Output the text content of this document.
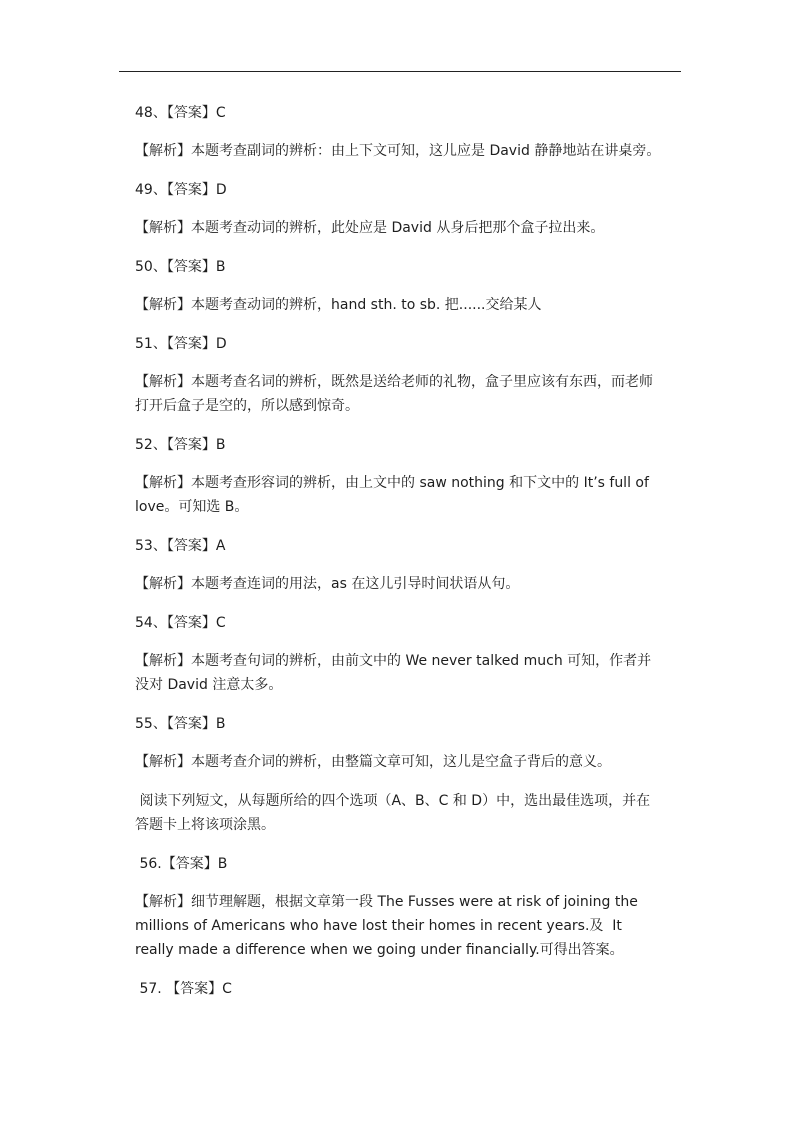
48、【答案】C

【解析】本题考查副词的辨析：由上下文可知，这儿应是 David 静静地站在讲桌旁。

49、【答案】D

【解析】本题考查动词的辨析，此处应是 David 从身后把那个盒子拉出来。

50、【答案】B

【解析】本题考查动词的辨析，hand sth. to sb. 把......交给某人

51、【答案】D

【解析】本题考查名词的辨析，既然是送给老师的礼物，盒子里应该有东西，而老师
打开后盒子是空的，所以感到惊奇。

52、【答案】B

【解析】本题考查形容词的辨析，由上文中的 saw nothing 和下文中的 It’s full of
love。可知选 B。

53、【答案】A

【解析】本题考查连词的用法，as 在这儿引导时间状语从句。

54、【答案】C

【解析】本题考查句词的辨析，由前文中的 We never talked much 可知，作者并
没对 David 注意太多。

55、【答案】B

【解析】本题考查介词的辨析，由整篇文章可知，这儿是空盒子背后的意义。

阅读下列短文，从每题所给的四个选项（A、B、C 和 D）中，选出最佳选项，并在
答题卡上将该项涂黑。

56.【答案】B

【解析】细节理解题，根据文章第一段 The Fusses were at risk of joining the
millions of Americans who have lost their homes in recent years.及  It
really made a difference when we going under financially.可得出答案。

57. 【答案】C
